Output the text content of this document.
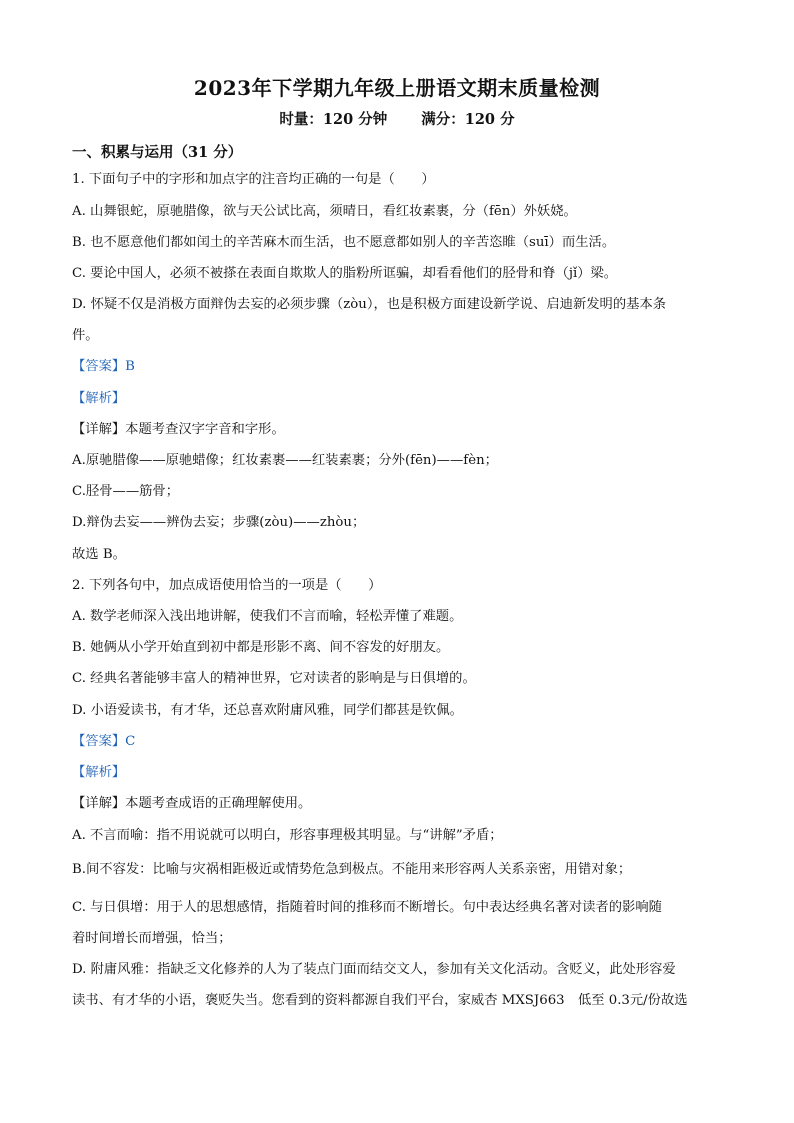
2023年下学期九年级上册语文期末质量检测
时量：120 分钟 满分：120 分
一、积累与运用（31 分）
1. 下面句子中的字形和加点字的注音均正确的一句是（　　）
A. 山舞银蛇，原驰腊像，欲与天公试比高，须晴日，看红妆素裹，分（fēn）外妖娆。
B. 也不愿意他们都如闰土的辛苦麻木而生活，也不愿意都如别人的辛苦恣睢（suī）而生活。
C. 要论中国人，必须不被搽在表面自欺欺人的脂粉所诓骗，却看看他们的胫骨和脊（jǐ）梁。
D. 怀疑不仅是消极方面辩伪去妄的必须步骤（zòu），也是积极方面建设新学说、启迪新发明的基本条
件。
【答案】B
【解析】
【详解】本题考查汉字字音和字形。
A.原驰腊像——原驰蜡像；红妆素裹——红装素裹；分外(fēn)——fèn；
C.胫骨——筋骨；
D.辩伪去妄——辨伪去妄；步骤(zòu)——zhòu；
故选 B。
2. 下列各句中，加点成语使用恰当的一项是（　　）
A. 数学老师深入浅出地讲解，使我们不言而喻，轻松弄懂了难题。
B. 她俩从小学开始直到初中都是形影不离、间不容发的好朋友。
C. 经典名著能够丰富人的精神世界，它对读者的影响是与日俱增的。
D. 小语爱读书，有才华，还总喜欢附庸风雅，同学们都甚是钦佩。
【答案】C
【解析】
【详解】本题考查成语的正确理解使用。
A. 不言而喻：指不用说就可以明白，形容事理极其明显。与“讲解”矛盾；
B.间不容发：比喻与灾祸相距极近或情势危急到极点。不能用来形容两人关系亲密，用错对象；
C. 与日俱增：用于人的思想感情，指随着时间的推移而不断增长。句中表达经典名著对读者的影响随
着时间增长而增强，恰当；
D. 附庸风雅：指缺乏文化修养的人为了装点门面而结交文人，参加有关文化活动。含贬义，此处形容爱
读书、有才华的小语，褒贬失当。您看到的资料都源自我们平台，家威杏 MXSJ663　低至 0.3元/份故选
